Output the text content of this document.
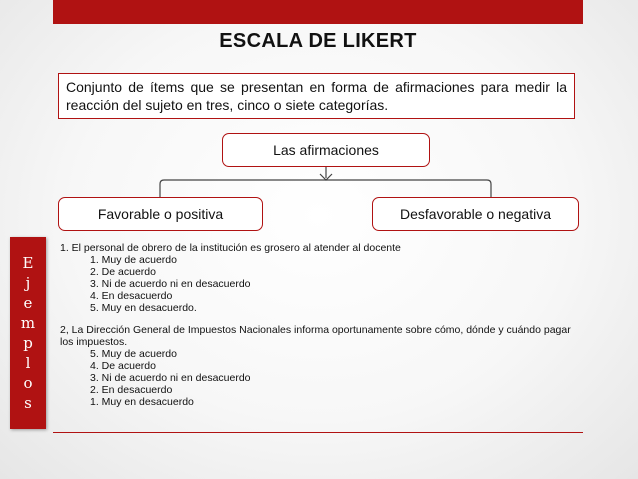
ESCALA DE LIKERT
Conjunto de ítems que se presentan en forma de afirmaciones para medir la reacción del sujeto en tres, cinco o siete categorías.
Las afirmaciones
Favorable o positiva	Desfavorable o negativa
E
j
e
m
p
l
o
s
1. El personal de obrero de la institución es grosero al atender al docente
1. Muy de acuerdo
2. De acuerdo
3. Ni de acuerdo ni en desacuerdo
4. En desacuerdo
5. Muy en desacuerdo.
2, La Dirección General de Impuestos Nacionales informa oportunamente sobre cómo, dónde y cuándo pagar
los impuestos.
5. Muy de acuerdo
4. De acuerdo
3. Ni de acuerdo ni en desacuerdo
2. En desacuerdo
1. Muy en desacuerdo
